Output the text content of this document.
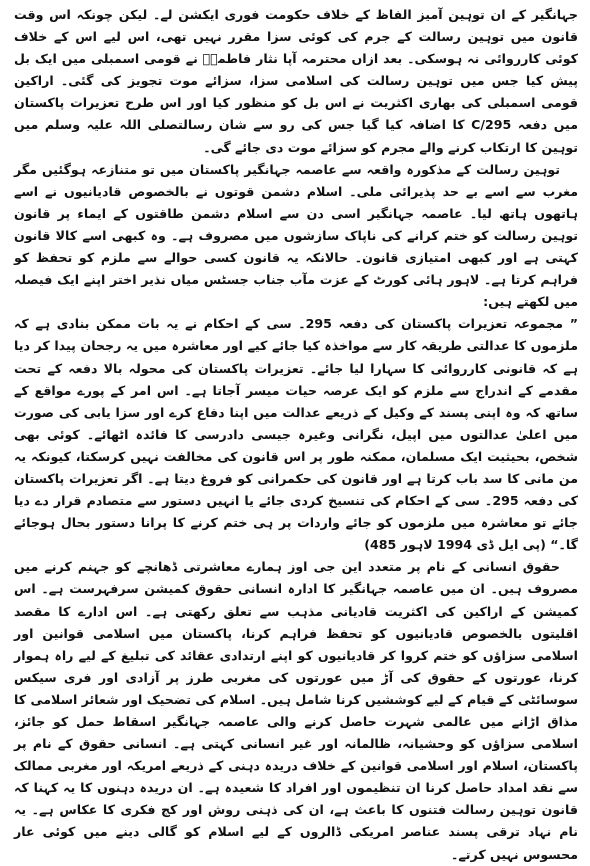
جہانگیر کے ان توہین آمیز الفاظ کے خلاف حکومت فوری ایکشن لے۔ لیکن چونکہ اس وقت قانون میں توہین رسالت کے جرم کی کوئی سزا مقرر نہیں تھی، اس لیے اس کے خلاف کوئی کارروائی نہ ہوسکی۔ بعد ازاں محترمہ آپا نثار فاطمہؒ نے قومی اسمبلی میں ایک بل پیش کیا جس میں توہین رسالت کی اسلامی سزا، سزائے موت تجویز کی گئی۔ اراکین قومی اسمبلی کی بھاری اکثریت نے اس بل کو منظور کیا اور اس طرح تعزیرات پاکستان میں دفعہ 295/C کا اضافہ کیا گیا جس کی رو سے شان رسالتصلی اللہ علیہ وسلم میں توہین کا ارتکاب کرنے والے مجرم کو سزائے موت دی جائے گی۔

توہین رسالت کے مذکورہ واقعہ سے عاصمہ جہانگیر پاکستان میں تو متنازعہ ہوگئیں مگر مغرب سے اسے بے حد پذیرائی ملی۔ اسلام دشمن قوتوں نے بالخصوص قادیانیوں نے اسے ہاتھوں ہاتھ لیا۔ عاصمہ جہانگیر اسی دن سے اسلام دشمن طاقتوں کے ایماء پر قانون توہین رسالت کو ختم کرانے کی ناپاک سازشوں میں مصروف ہے۔ وہ کبھی اسے کالا قانون کہتی ہے اور کبھی امتیازی قانون۔ حالانکہ یہ قانون کسی حوالے سے ملزم کو تحفظ کو فراہم کرتا ہے۔ لاہور ہائی کورٹ کے عزت مآب جناب جسٹس میاں نذیر اختر اپنے ایک فیصلہ میں لکھتے ہیں:

” مجموعہ تعزیرات پاکستان کی دفعہ 295۔ سی کے احکام نے یہ بات ممکن بنادی ہے کہ ملزموں کا عدالتی طریقہ کار سے مواخذہ کیا جائے کیے اور معاشرہ میں یہ رجحان پیدا کر دیا ہے کہ قانونی کارروائی کا سہارا لیا جائے۔ تعزیرات پاکستان کی محولہ بالا دفعہ کے تحت مقدمے کے اندراج سے ملزم کو ایک عرصہ حیات میسر آجاتا ہے۔ اس امر کے پورے مواقع کے ساتھ کہ وہ اپنی پسند کے وکیل کے ذریعے عدالت میں اپنا دفاع کرے اور سزا یابی کی صورت میں اعلیٰ عدالتوں میں اپیل، نگرانی وغیرہ جیسی دادرسی کا فائدہ اٹھائے۔ کوئی بھی شخص، بحیثیت ایک مسلمان، ممکنہ طور پر اس قانون کی مخالفت نہیں کرسکتا، کیونکہ یہ من مانی کا سد باب کرتا ہے اور قانون کی حکمرانی کو فروغ دیتا ہے۔ اگر تعزیرات پاکستان کی دفعہ 295۔ سی کے احکام کی تنسیخ کردی جائے یا انہیں دستور سے متصادم قرار دے دیا جائے تو معاشرہ میں ملزموں کو جائے واردات پر ہی ختم کرنے کا پرانا دستور بحال ہوجائے گا۔“ (پی ایل ڈی 1994 لاہور 485)

حقوق انسانی کے نام پر متعدد این جی اوز ہمارے معاشرتی ڈھانچے کو جہنم کرنے میں مصروف ہیں۔ ان میں عاصمہ جہانگیر کا ادارہ انسانی حقوق کمیشن سرفہرست ہے۔ اس کمیشن کے اراکین کی اکثریت قادیانی مذہب سے تعلق رکھتی ہے۔ اس ادارے کا مقصد اقلیتوں بالخصوص قادیانیوں کو تحفظ فراہم کرنا، پاکستان میں اسلامی قوانین اور اسلامی سزاؤں کو ختم کروا کر قادیانیوں کو اپنے ارتدادی عقائد کی تبلیغ کے لیے راہ ہموار کرنا، عورتوں کے حقوق کی آڑ میں عورتوں کی مغربی طرز پر آزادی اور فری سیکس سوسائٹی کے قیام کے لیے کوششیں کرنا شامل ہیں۔ اسلام کی تضحیک اور شعائر اسلامی کا مذاق اڑانے میں عالمی شہرت حاصل کرنے والی عاصمہ جہانگیر اسقاط حمل کو جائز، اسلامی سزاؤں کو وحشیانہ، ظالمانہ اور غیر انسانی کہتی ہے۔ انسانی حقوق کے نام پر پاکستان، اسلام اور اسلامی قوانین کے خلاف دریدہ دہنی کے ذریعے امریکہ اور مغربی ممالک سے نقد امداد حاصل کرنا ان تنظیموں اور افراد کا شعیدہ ہے۔ ان دریدہ دہنوں کا یہ کہنا کہ قانون توہین رسالت فتنوں کا باعث ہے، ان کی ذہنی روش اور کج فکری کا عکاس ہے۔ یہ نام نہاد ترقی پسند عناصر امریکی ڈالروں کے لیے اسلام کو گالی دینے میں کوئی عار محسوس نہیں کرتے۔
